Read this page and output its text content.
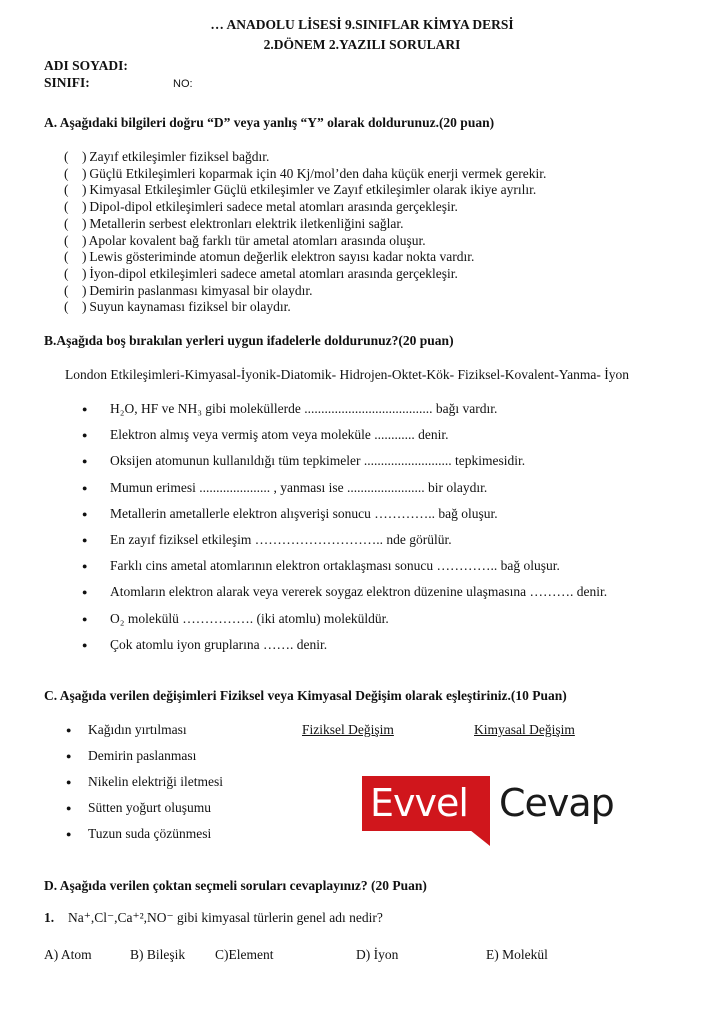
… ANADOLU LİSESİ 9.SINIFLAR KİMYA DERSİ
2.DÖNEM 2.YAZILI SORULARI
ADI SOYADI:
SINIFI:	NO:
A. Aşağıdaki bilgileri doğru “D” veya yanlış “Y” olarak doldurunuz.(20 puan)
(    ) Zayıf etkileşimler fiziksel bağdır.
(    ) Güçlü Etkileşimleri koparmak için 40 Kj/mol’den daha küçük enerji vermek gerekir.
(    ) Kimyasal Etkileşimler Güçlü etkileşimler ve Zayıf etkileşimler olarak ikiye ayrılır.
(    ) Dipol-dipol etkileşimleri sadece metal atomları arasında gerçekleşir.
(    ) Metallerin serbest elektronları elektrik iletkenliğini sağlar.
(    ) Apolar kovalent bağ farklı tür ametal atomları arasında oluşur.
(    ) Lewis gösteriminde atomun değerlik elektron sayısı kadar nokta vardır.
(    ) İyon-dipol etkileşimleri sadece ametal atomları arasında gerçekleşir.
(    ) Demirin paslanması kimyasal bir olaydır.
(    ) Suyun kaynaması fiziksel bir olaydır.
B.Aşağıda boş bırakılan yerleri uygun ifadelerle doldurunuz?(20 puan)
London Etkileşimleri-Kimyasal-İyonik-Diatomik- Hidrojen-Oktet-Kök- Fiziksel-Kovalent-Yanma- İyon
● H₂O, HF ve NH₃ gibi moleküllerde ...................................... bağı vardır.
● Elektron almış veya vermiş atom veya moleküle ............ denir.
● Oksijen atomunun kullanıldığı tüm tepkimeler .......................... tepkimesidir.
● Mumun erimesi ..................... , yanması ise ....................... bir olaydır.
● Metallerin ametallerle elektron alışverişi sonucu ………….. bağ oluşur.
● En zayıf fiziksel etkileşim ……………………….. nde görülür.
● Farklı cins ametal atomlarının elektron ortaklaşması sonucu ………….. bağ oluşur.
● Atomların elektron alarak veya vererek soygaz elektron düzenine ulaşmasına ………. denir.
● O₂ molekülü ……………. (iki atomlu) moleküldür.
● Çok atomlu iyon gruplarına ……. denir.
C. Aşağıda verilen değişimleri Fiziksel veya Kimyasal Değişim olarak eşleştiriniz.(10 Puan)
Fiziksel Değişim	Kimyasal Değişim
● Kağıdın yırtılması
● Demirin paslanması
● Nikelin elektriği iletmesi
● Sütten yoğurt oluşumu
● Tuzun suda çözünmesi
Evvel Cevap
D. Aşağıda verilen çoktan seçmeli soruları cevaplayınız? (20 Puan)
1. Na⁺,Cl⁻,Ca⁺²,NO⁻ gibi kimyasal türlerin genel adı nedir?
A) Atom	B) Bileşik C)Element	D) İyon	E) Molekül
